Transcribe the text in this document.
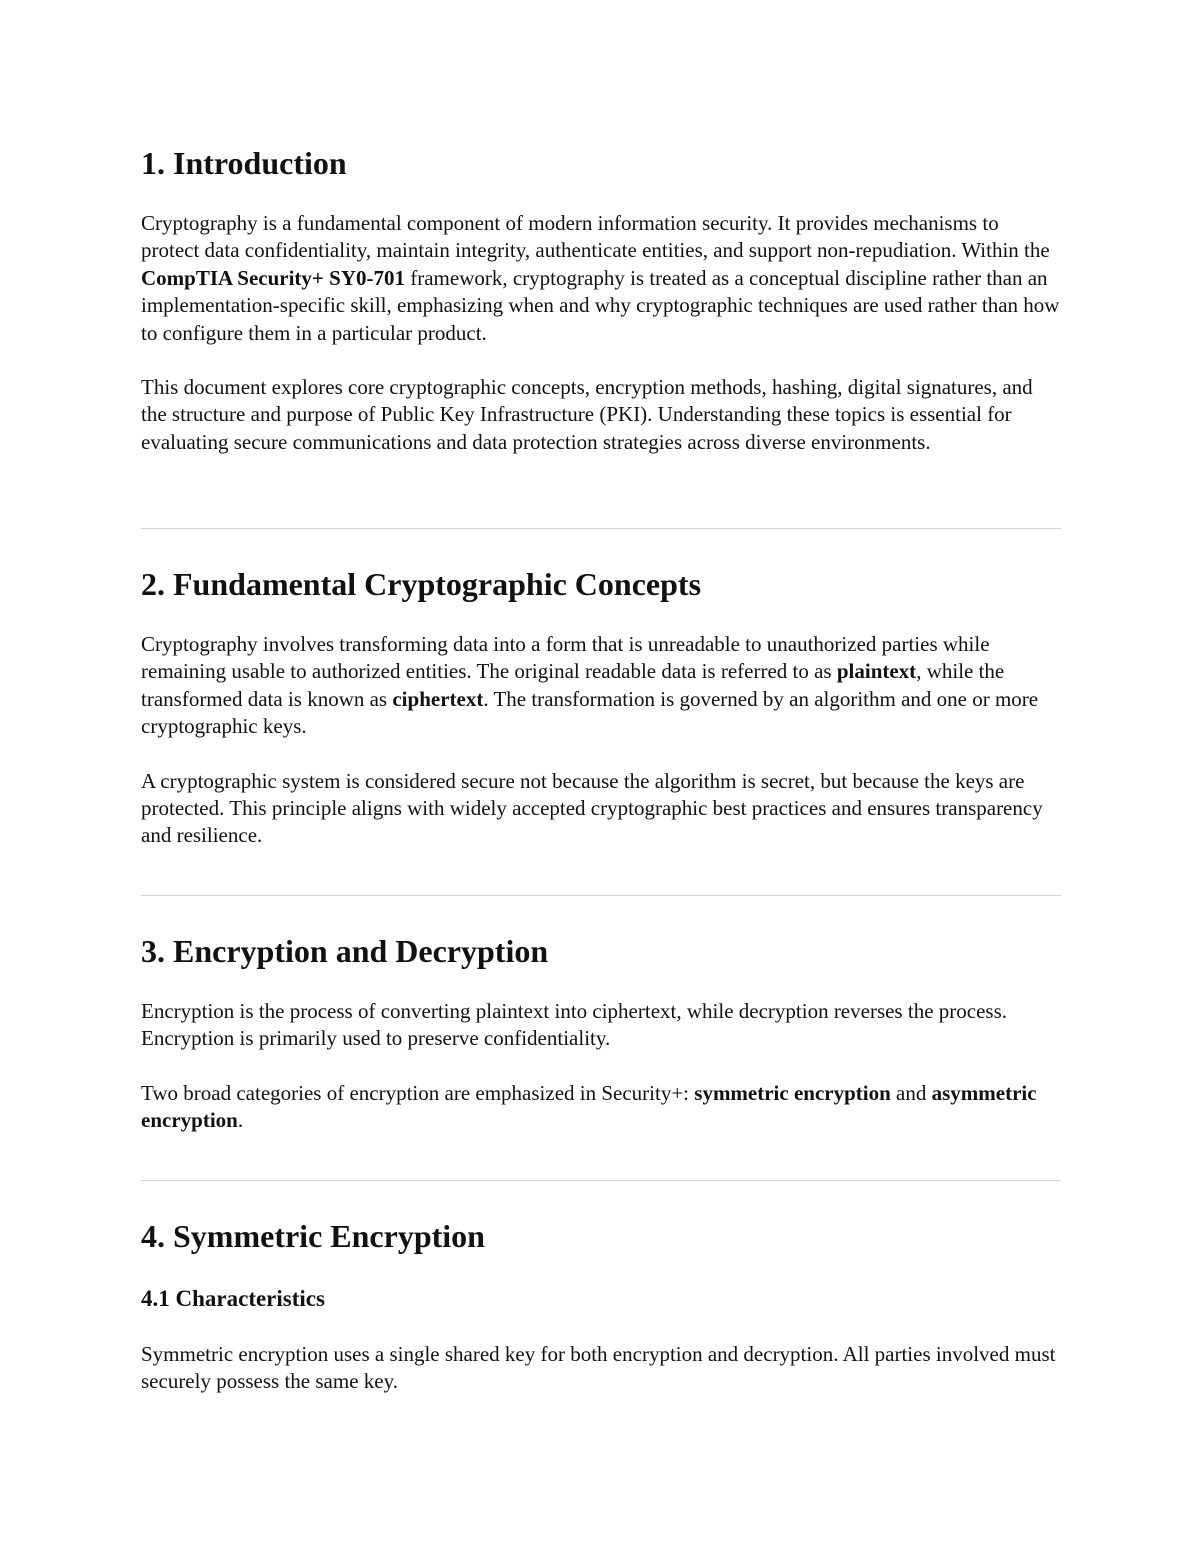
1. Introduction

Cryptography is a fundamental component of modern information security. It provides mechanisms to protect data confidentiality, maintain integrity, authenticate entities, and support non-repudiation. Within the CompTIA Security+ SY0-701 framework, cryptography is treated as a conceptual discipline rather than an implementation-specific skill, emphasizing when and why cryptographic techniques are used rather than how to configure them in a particular product.

This document explores core cryptographic concepts, encryption methods, hashing, digital signatures, and the structure and purpose of Public Key Infrastructure (PKI). Understanding these topics is essential for evaluating secure communications and data protection strategies across diverse environments.

2. Fundamental Cryptographic Concepts

Cryptography involves transforming data into a form that is unreadable to unauthorized parties while remaining usable to authorized entities. The original readable data is referred to as plaintext, while the transformed data is known as ciphertext. The transformation is governed by an algorithm and one or more cryptographic keys.

A cryptographic system is considered secure not because the algorithm is secret, but because the keys are protected. This principle aligns with widely accepted cryptographic best practices and ensures transparency and resilience.

3. Encryption and Decryption

Encryption is the process of converting plaintext into ciphertext, while decryption reverses the process. Encryption is primarily used to preserve confidentiality.

Two broad categories of encryption are emphasized in Security+: symmetric encryption and asymmetric encryption.

4. Symmetric Encryption
4.1 Characteristics

Symmetric encryption uses a single shared key for both encryption and decryption. All parties involved must securely possess the same key.
